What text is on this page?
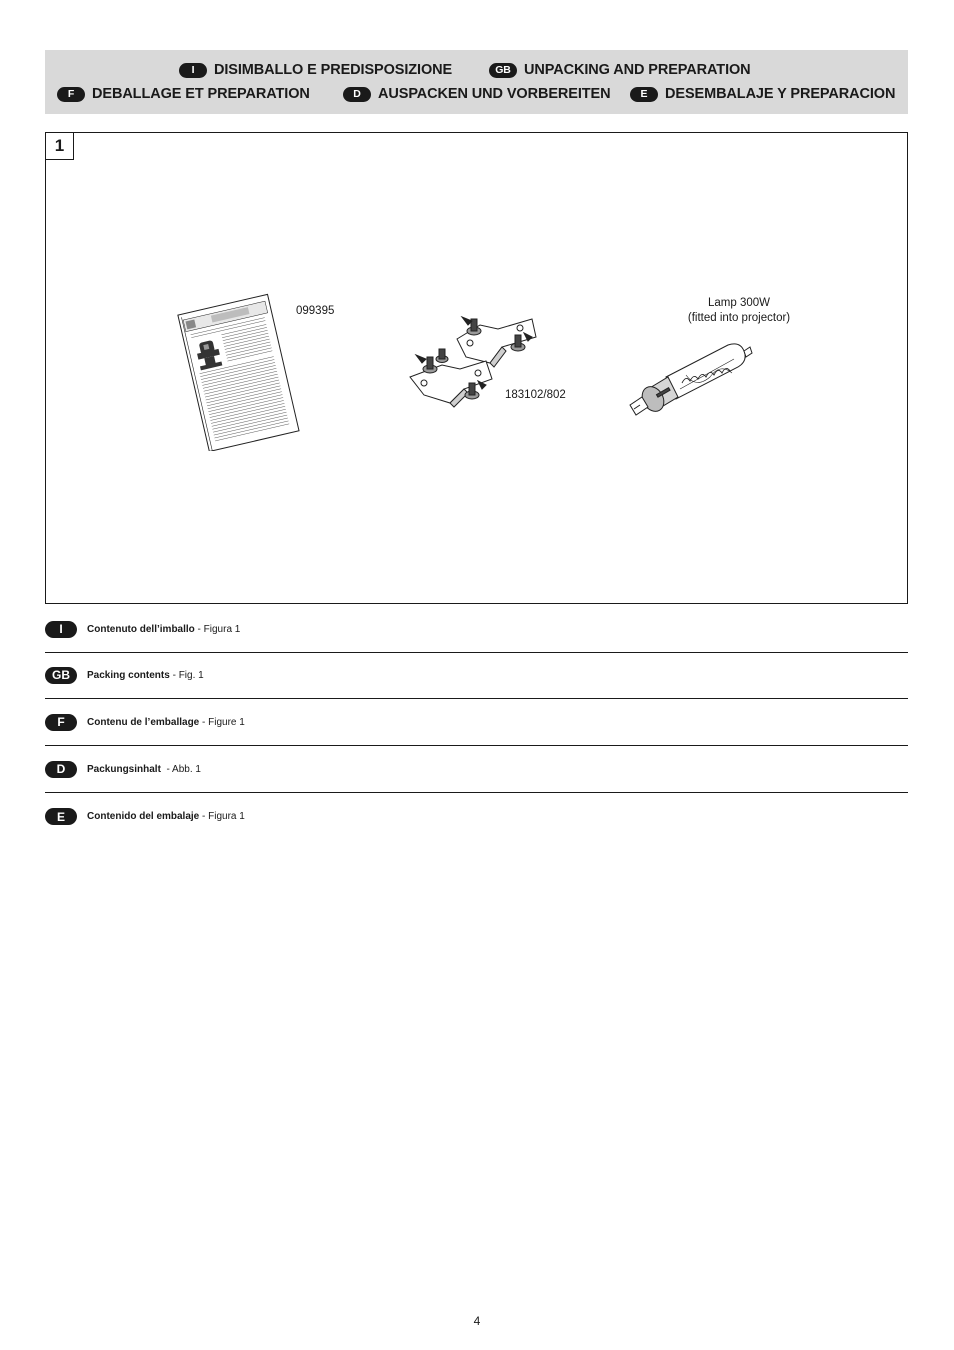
I	DISIMBALLO E PREDISPOSIZIONE	GB UNPACKING AND PREPARATION
F	DEBALLAGE ET PREPARATION	D	AUSPACKEN UND VORBEREITEN	E	DESEMBALAJE Y PREPARACION
1
099395
183102/802
Lamp 300W
(fitted into projector)
I	Contenuto dell’imballo - Figura 1
GB	Packing contents - Fig. 1
F	Contenu de l’emballage - Figure 1
D	Packungsinhalt - Abb. 1
E	Contenido del embalaje - Figura 1
4
